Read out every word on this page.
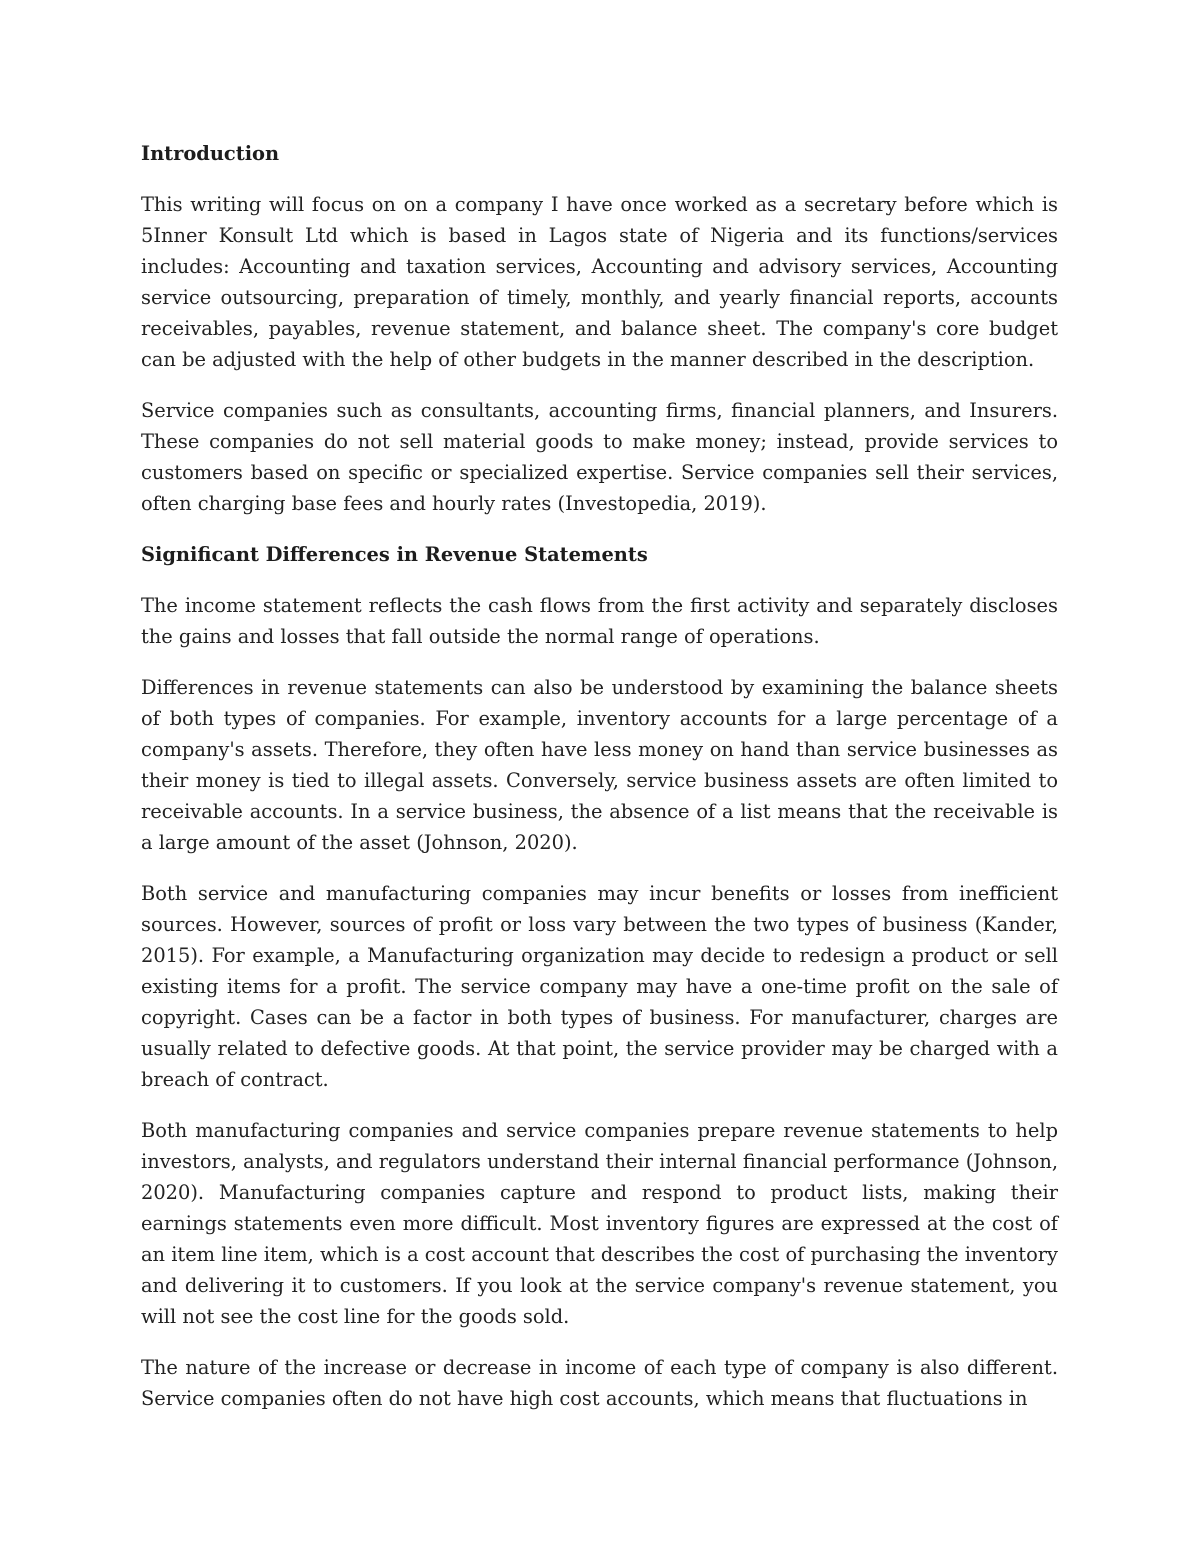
Introduction

This writing will focus on on a company I have once worked as a secretary before which is 5Inner Konsult Ltd which is based in Lagos state of Nigeria and its functions/services includes: Accounting and taxation services, Accounting and advisory services, Accounting service outsourcing, preparation of timely, monthly, and yearly financial reports, accounts receivables, payables, revenue statement, and balance sheet. The company's core budget can be adjusted with the help of other budgets in the manner described in the description.

Service companies such as consultants, accounting firms, financial planners, and Insurers. These companies do not sell material goods to make money; instead, provide services to customers based on specific or specialized expertise. Service companies sell their services, often charging base fees and hourly rates (Investopedia, 2019).

Significant Differences in Revenue Statements

The income statement reflects the cash flows from the first activity and separately discloses the gains and losses that fall outside the normal range of operations.

Differences in revenue statements can also be understood by examining the balance sheets of both types of companies. For example, inventory accounts for a large percentage of a company's assets. Therefore, they often have less money on hand than service businesses as their money is tied to illegal assets. Conversely, service business assets are often limited to receivable accounts. In a service business, the absence of a list means that the receivable is a large amount of the asset (Johnson, 2020).

Both service and manufacturing companies may incur benefits or losses from inefficient sources. However, sources of profit or loss vary between the two types of business (Kander, 2015). For example, a Manufacturing organization may decide to redesign a product or sell existing items for a profit. The service company may have a one-time profit on the sale of copyright. Cases can be a factor in both types of business. For manufacturer, charges are usually related to defective goods. At that point, the service provider may be charged with a breach of contract.

Both manufacturing companies and service companies prepare revenue statements to help investors, analysts, and regulators understand their internal financial performance (Johnson, 2020). Manufacturing companies capture and respond to product lists, making their earnings statements even more difficult. Most inventory figures are expressed at the cost of an item line item, which is a cost account that describes the cost of purchasing the inventory and delivering it to customers. If you look at the service company's revenue statement, you will not see the cost line for the goods sold.

The nature of the increase or decrease in income of each type of company is also different. Service companies often do not have high cost accounts, which means that fluctuations in
